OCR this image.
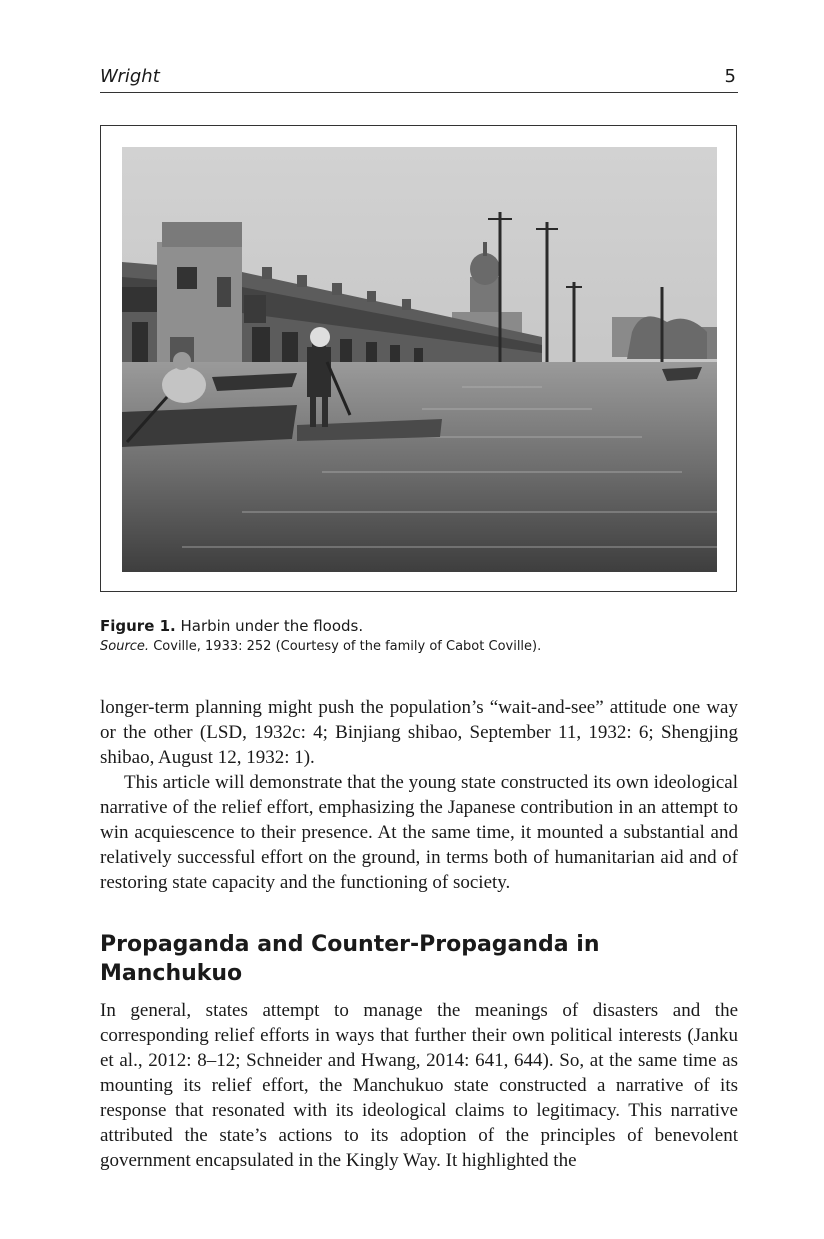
Wright	5
Figure 1. Harbin under the floods.
Source. Coville, 1933: 252 (Courtesy of the family of Cabot Coville).

longer-term planning might push the population’s “wait-and-see” attitude one way or the other (LSD, 1932c: 4; Binjiang shibao, September 11, 1932: 6; Shengjing shibao, August 12, 1932: 1).

This article will demonstrate that the young state constructed its own ideological narrative of the relief effort, emphasizing the Japanese contribution in an attempt to win acquiescence to their presence. At the same time, it mounted a substantial and relatively successful effort on the ground, in terms both of humanitarian aid and of restoring state capacity and the functioning of society.

Propaganda and Counter-Propaganda in
Manchukuo

In general, states attempt to manage the meanings of disasters and the corresponding relief efforts in ways that further their own political interests (Janku et al., 2012: 8–12; Schneider and Hwang, 2014: 641, 644). So, at the same time as mounting its relief effort, the Manchukuo state constructed a narrative of its response that resonated with its ideological claims to legitimacy. This narrative attributed the state’s actions to its adoption of the principles of benevolent government encapsulated in the Kingly Way. It highlighted the
